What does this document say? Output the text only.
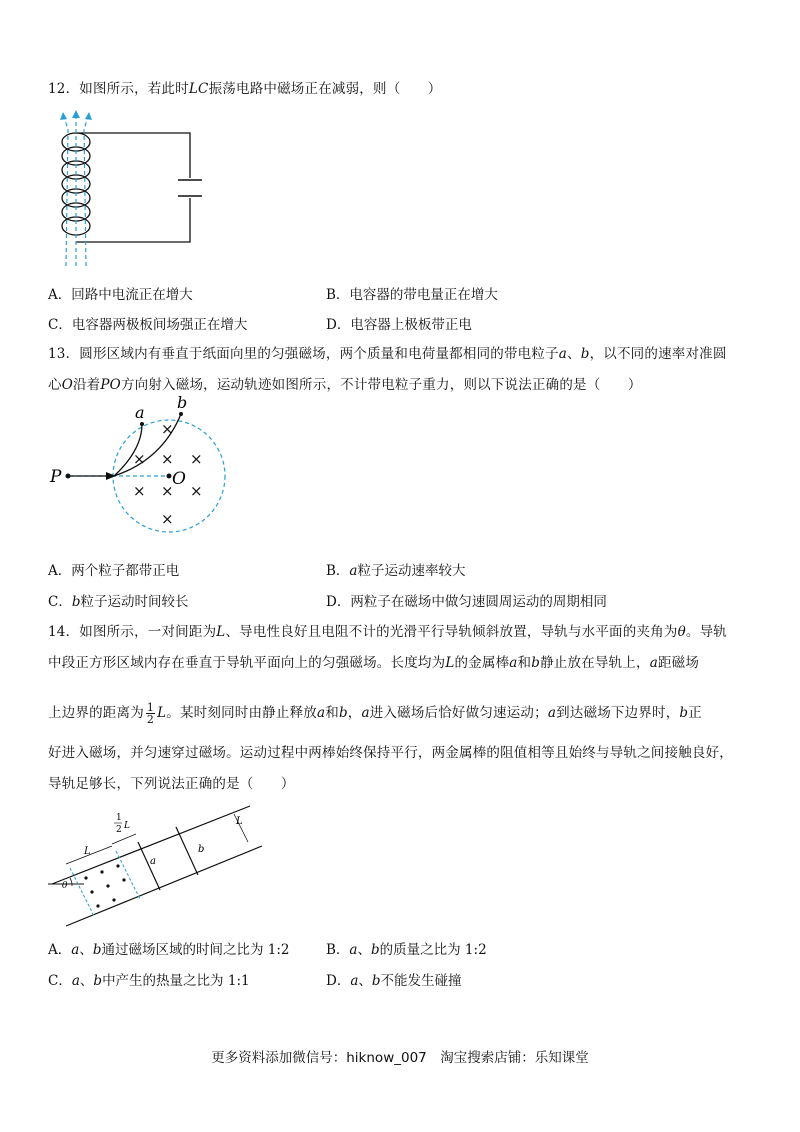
12．如图所示，若此时LC振荡电路中磁场正在减弱，则（　　）
A．回路中电流正在增大	B．电容器的带电量正在增大
C．电容器两极板间场强正在增大	D．电容器上极板带正电
13．圆形区域内有垂直于纸面向里的匀强磁场，两个质量和电荷量都相同的带电粒子a、b，以不同的速率对准圆
心O沿着PO方向射入磁场，运动轨迹如图所示，不计带电粒子重力，则以下说法正确的是（　　）
a
b
P	O
×
× × ×
× × ×
×
A．两个粒子都带正电	B．a粒子运动速率较大
C．b粒子运动时间较长	D．两粒子在磁场中做匀速圆周运动的周期相同
14．如图所示，一对间距为L、导电性良好且电阻不计的光滑平行导轨倾斜放置，导轨与水平面的夹角为θ。导轨
中段正方形区域内存在垂直于导轨平面向上的匀强磁场。长度均为L的金属棒a和b静止放在导轨上，a距磁场
上边界的距离为 $\frac{1}{2}$ L。某时刻同时由静止释放a和b，a进入磁场后恰好做匀速运动；a到达磁场下边界时，b正
好进入磁场，并匀速穿过磁场。运动过程中两棒始终保持平行，两金属棒的阻值相等且始终与导轨之间接触良好，
导轨足够长，下列说法正确的是（　　）
θ
L
1
2 L
a
b
L
A．a、b通过磁场区域的时间之比为 1:2	B．a、b的质量之比为 1:2
C．a、b中产生的热量之比为 1:1	D．a、b不能发生碰撞
更多资料添加微信号：hiknow_007　淘宝搜索店铺：乐知课堂
